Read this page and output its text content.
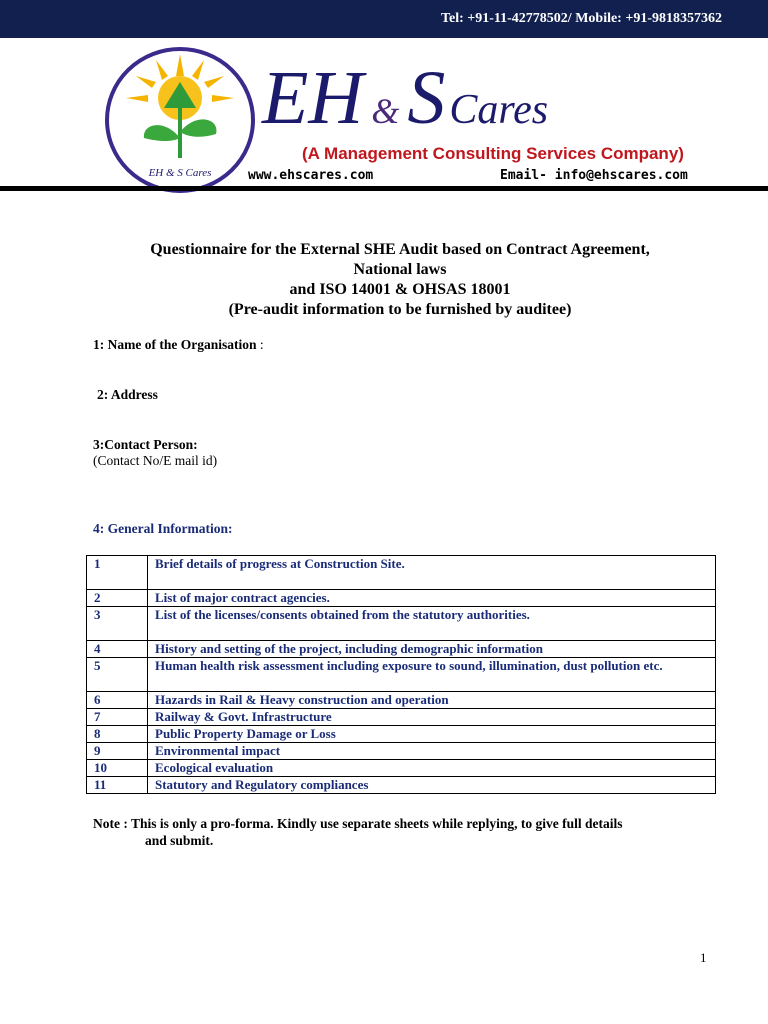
Tel: +91-11-42778502/ Mobile: +91-9818357362
EH & S Cares
EH & S Cares
(A Management Consulting Services Company)
www.ehscares.com	Email- info@ehscares.com
Questionnaire for the External SHE Audit based on Contract Agreement,
National laws
and ISO 14001 & OHSAS 18001
(Pre-audit information to be furnished by auditee)
1: Name of the Organisation :
2: Address
3:Contact Person:
(Contact No/E mail id)
4: General Information:
1	Brief details of progress at Construction Site.
2	List of major contract agencies.
3	List of the licenses/consents obtained from the statutory authorities.
4	History and setting of the project, including demographic information
5	Human health risk assessment including exposure to sound, illumination, dust pollution etc.
6	Hazards in Rail & Heavy construction and operation
7	Railway & Govt. Infrastructure
8	Public Property Damage or Loss
9	Environmental impact
10	Ecological evaluation
11	Statutory and Regulatory compliances
Note : This is only a pro-forma. Kindly use separate sheets while replying, to give full details
and submit.
1
